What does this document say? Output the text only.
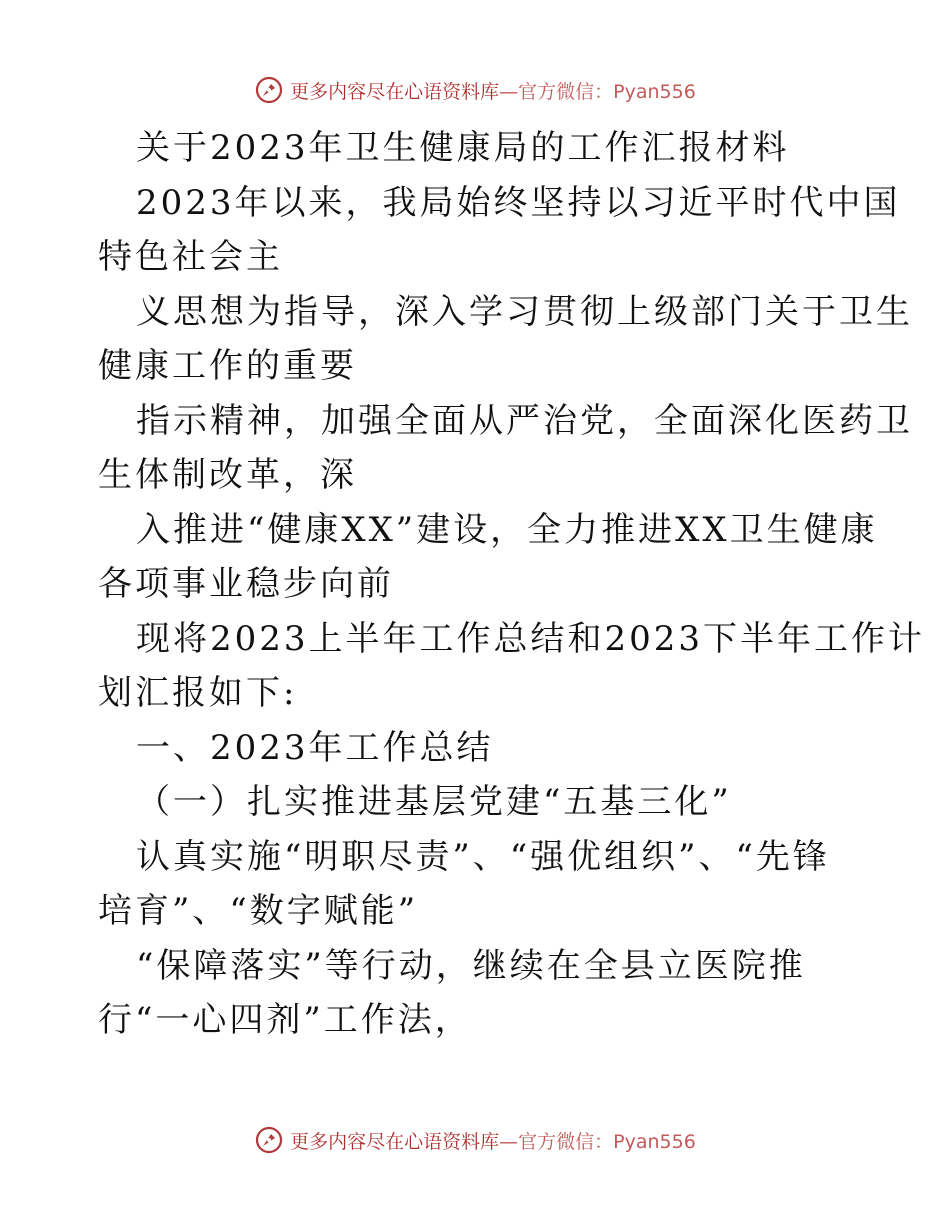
更多内容尽在心语资料库 —官方微信：Pyan556
关于2023年卫生健康局的工作汇报材料
2023年以来，我局始终坚持以习近平时代中国
特色社会主
义思想为指导，深入学习贯彻上级部门关于卫生
健康工作的重要
指示精神，加强全面从严治党，全面深化医药卫
生体制改革，深
入推进“健康XX”建设，全力推进XX卫生健康
各项事业稳步向前
现将2023上半年工作总结和2023下半年工作计
划汇报如下:
一、2023年工作总结
（一）扎实推进基层党建“五基三化”
认真实施“明职尽责”、“强优组织”、“先锋
培育”、“数字赋能”
“保障落实”等行动，继续在全县立医院推
行“一心四剂”工作法，
更多内容尽在心语资料库 —官方微信：Pyan556
